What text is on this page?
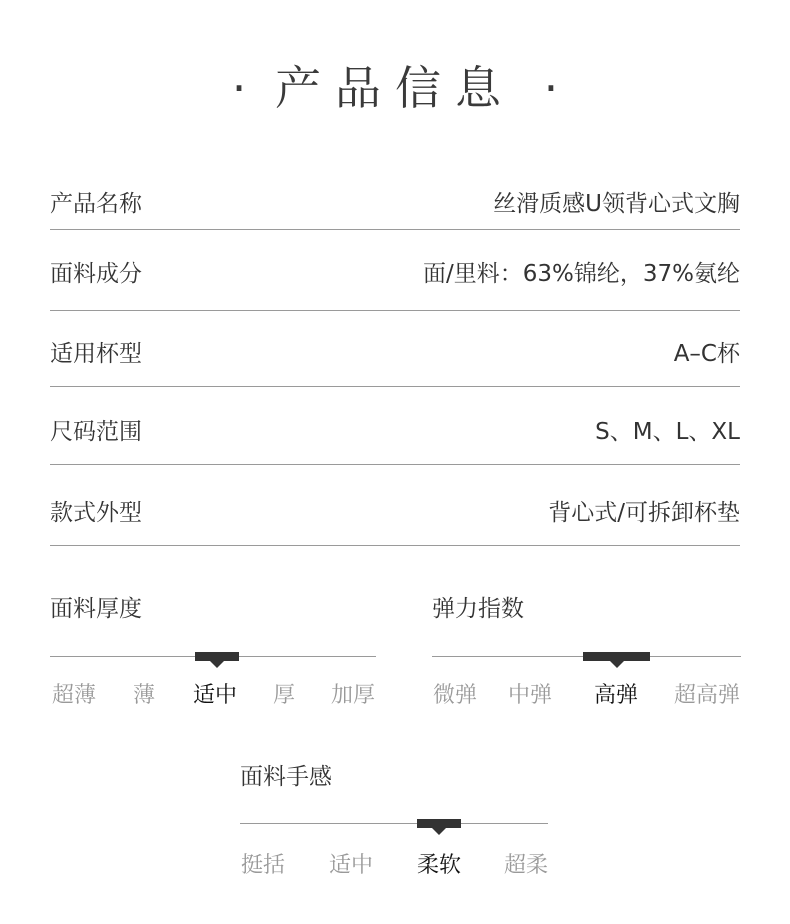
· 产品信息 ·
产品名称	丝滑质感U领背心式文胸
面料成分	面/里料：63%锦纶，37%氨纶
适用杯型	A–C杯
尺码范围	S、M、L、XL
款式外型	背心式/可拆卸杯垫
面料厚度
超薄 薄 适中 厚 加厚
弹力指数
微弹 中弹 高弹 超高弹
面料手感
挺括 适中 柔软 超柔
